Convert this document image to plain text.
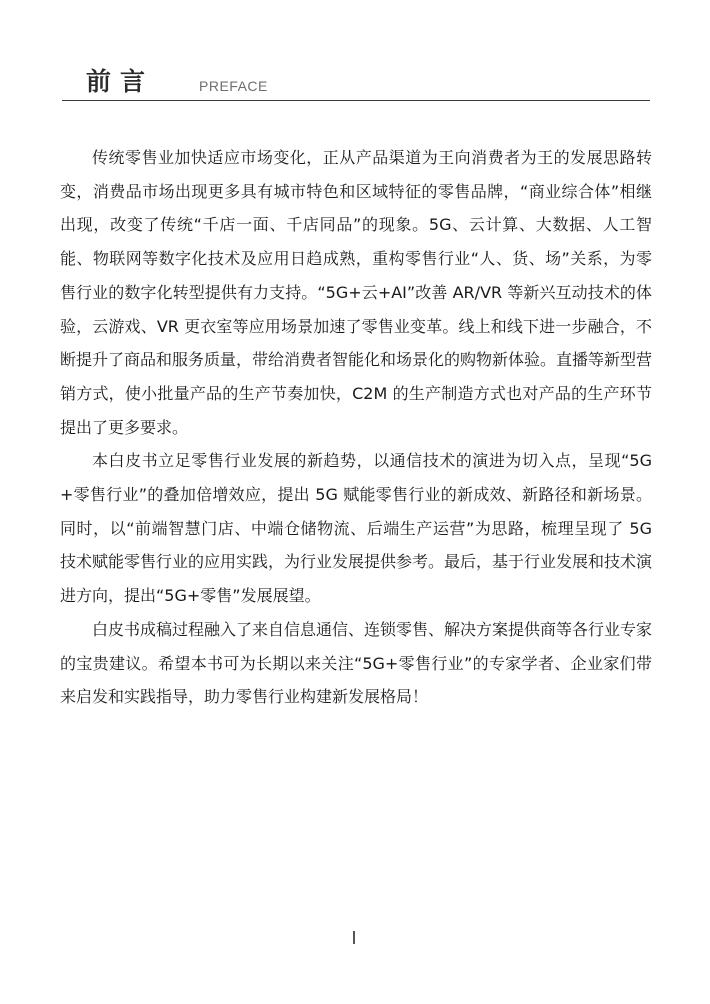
前言	PREFACE

传统零售业加快适应市场变化，正从产品渠道为王向消费者为王的发展思路转变，消费品市场出现更多具有城市特色和区域特征的零售品牌，“商业综合体”相继出现，改变了传统“千店一面、千店同品”的现象。5G、云计算、大数据、人工智能、物联网等数字化技术及应用日趋成熟，重构零售行业“人、货、场”关系，为零售行业的数字化转型提供有力支持。“5G+云+AI”改善 AR/VR 等新兴互动技术的体验，云游戏、VR 更衣室等应用场景加速了零售业变革。线上和线下进一步融合，不断提升了商品和服务质量，带给消费者智能化和场景化的购物新体验。直播等新型营销方式，使小批量产品的生产节奏加快，C2M 的生产制造方式也对产品的生产环节提出了更多要求。

本白皮书立足零售行业发展的新趋势，以通信技术的演进为切入点，呈现“5G+零售行业”的叠加倍增效应，提出 5G 赋能零售行业的新成效、新路径和新场景。同时，以“前端智慧门店、中端仓储物流、后端生产运营”为思路，梳理呈现了 5G 技术赋能零售行业的应用实践，为行业发展提供参考。最后，基于行业发展和技术演进方向，提出“5G+零售”发展展望。

白皮书成稿过程融入了来自信息通信、连锁零售、解决方案提供商等各行业专家的宝贵建议。希望本书可为长期以来关注“5G+零售行业”的专家学者、企业家们带来启发和实践指导，助力零售行业构建新发展格局！
